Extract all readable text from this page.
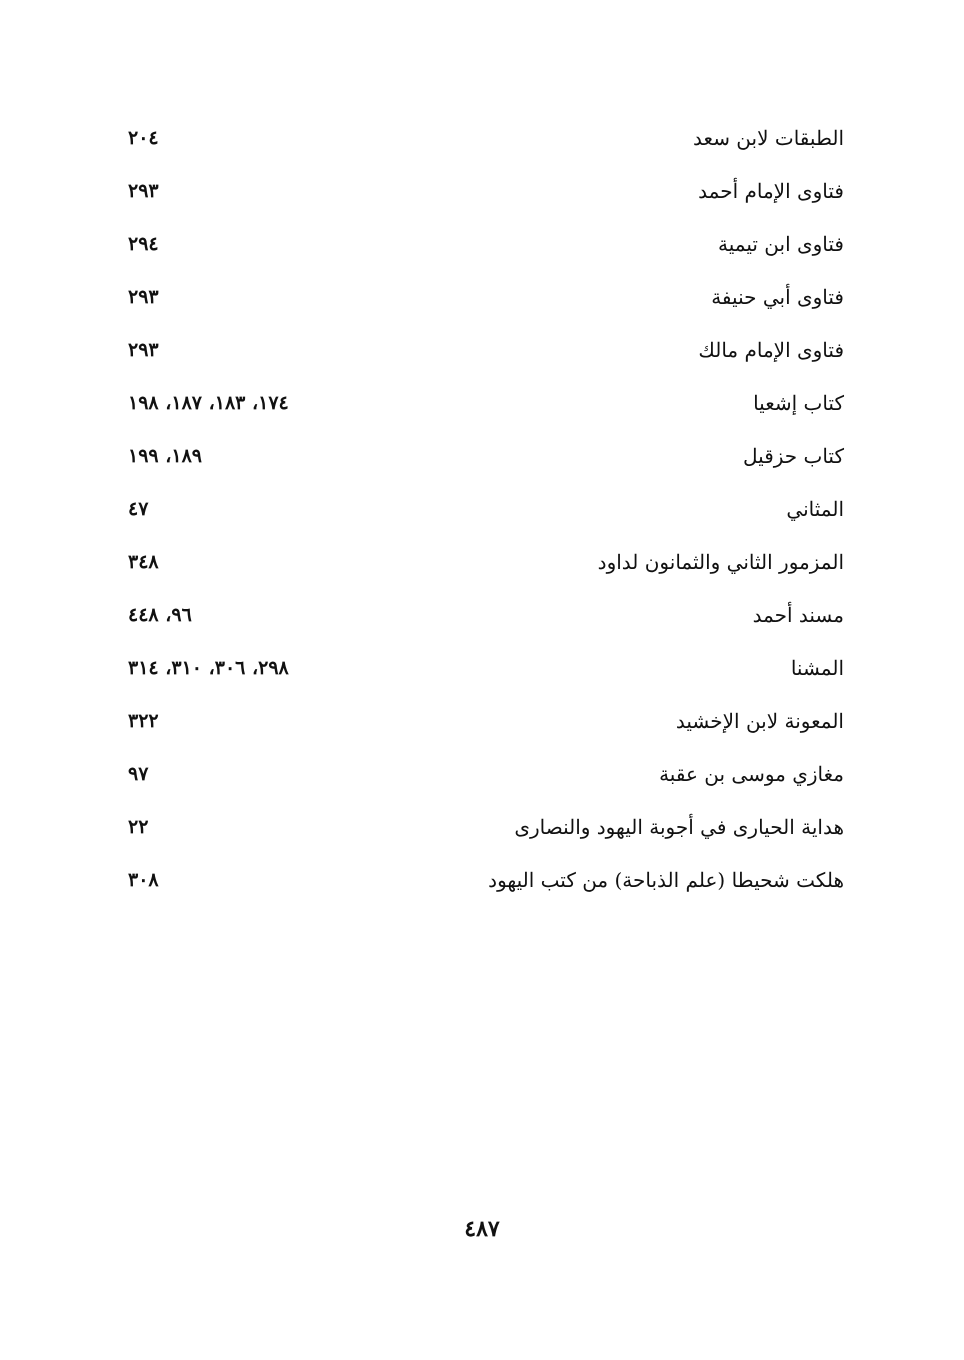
الطبقات لابن سعد
٢٠٤
فتاوى الإمام أحمد
٢٩٣
فتاوى ابن تيمية
٢٩٤
فتاوى أبي حنيفة
٢٩٣
فتاوى الإمام مالك
٢٩٣
كتاب إشعيا
١٧٤، ١٨٣، ١٨٧، ١٩٨
كتاب حزقيل
١٨٩، ١٩٩
المثاني
٤٧
المزمور الثاني والثمانون لداود
٣٤٨
مسند أحمد
٩٦، ٤٤٨
المشنا
٢٩٨، ٣٠٦، ٣١٠، ٣١٤
المعونة لابن الإخشيد
٣٢٢
مغازي موسى بن عقبة
٩٧
هداية الحيارى في أجوبة اليهود والنصارى
٢٢
هلكت شحيطا (علم الذباحة) من كتب اليهود
٣٠٨
٤٨٧
